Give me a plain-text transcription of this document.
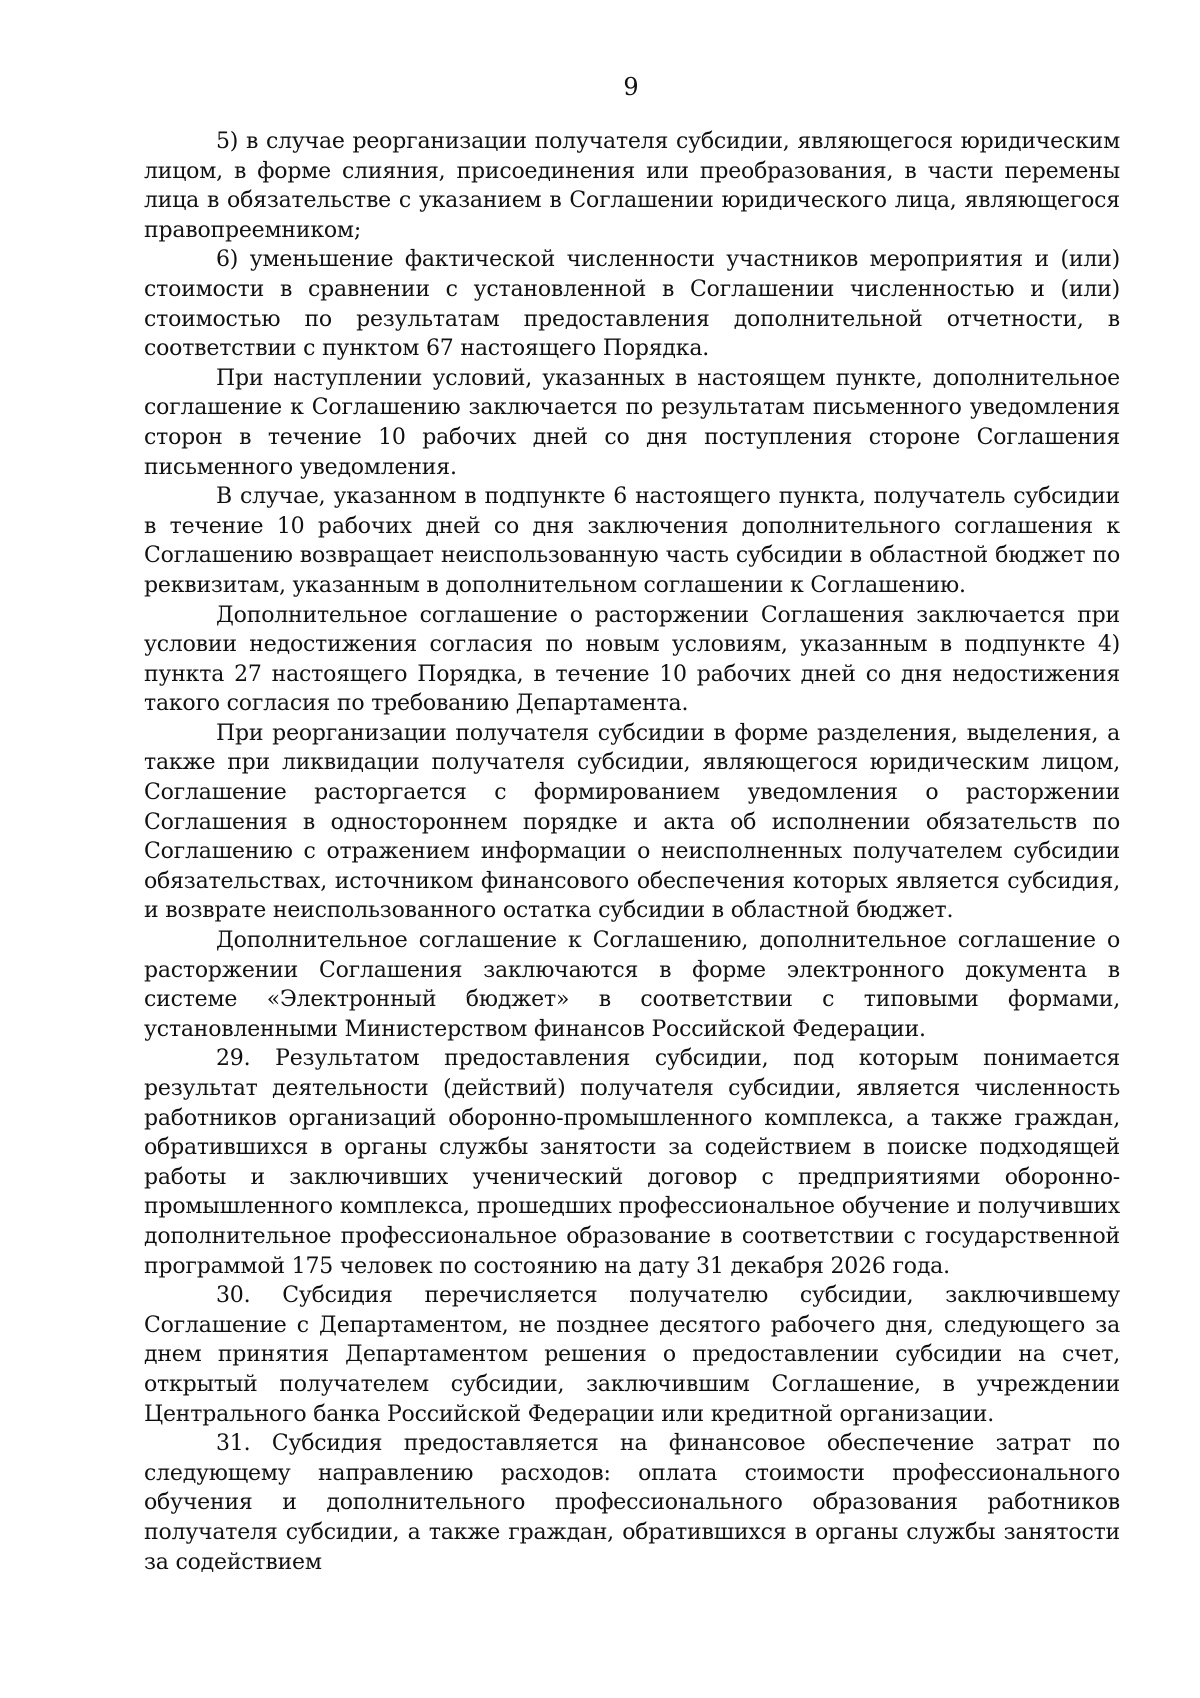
9

5) в случае реорганизации получателя субсидии, являющегося юридическим лицом, в форме слияния, присоединения или преобразования, в части перемены лица в обязательстве с указанием в Соглашении юридического лица, являющегося правопреемником;

6) уменьшение фактической численности участников мероприятия и (или) стоимости в сравнении с установленной в Соглашении численностью и (или) стоимостью по результатам предоставления дополнительной отчетности, в соответствии с пунктом 67 настоящего Порядка.

При наступлении условий, указанных в настоящем пункте, дополнительное соглашение к Соглашению заключается по результатам письменного уведомления сторон в течение 10 рабочих дней со дня поступления стороне Соглашения письменного уведомления.

В случае, указанном в подпункте 6 настоящего пункта, получатель субсидии в течение 10 рабочих дней со дня заключения дополнительного соглашения к Соглашению возвращает неиспользованную часть субсидии в областной бюджет по реквизитам, указанным в дополнительном соглашении к Соглашению.

Дополнительное соглашение о расторжении Соглашения заключается при условии недостижения согласия по новым условиям, указанным в подпункте 4) пункта 27 настоящего Порядка, в течение 10 рабочих дней со дня недостижения такого согласия по требованию Департамента.

При реорганизации получателя субсидии в форме разделения, выделения, а также при ликвидации получателя субсидии, являющегося юридическим лицом, Соглашение расторгается с формированием уведомления о расторжении Соглашения в одностороннем порядке и акта об исполнении обязательств по Соглашению с отражением информации о неисполненных получателем субсидии обязательствах, источником финансового обеспечения которых является субсидия, и возврате неиспользованного остатка субсидии в областной бюджет.

Дополнительное соглашение к Соглашению, дополнительное соглашение о расторжении Соглашения заключаются в форме электронного документа в системе «Электронный бюджет» в соответствии с типовыми формами, установленными Министерством финансов Российской Федерации.

29. Результатом предоставления субсидии, под которым понимается результат деятельности (действий) получателя субсидии, является численность работников организаций оборонно-промышленного комплекса, а также граждан, обратившихся в органы службы занятости за содействием в поиске подходящей работы и заключивших ученический договор с предприятиями оборонно-промышленного комплекса, прошедших профессиональное обучение и получивших дополнительное профессиональное образование в соответствии с государственной программой 175 человек по состоянию на дату 31 декабря 2026 года.

30. Субсидия перечисляется получателю субсидии, заключившему Соглашение с Департаментом, не позднее десятого рабочего дня, следующего за днем принятия Департаментом решения о предоставлении субсидии на счет, открытый получателем субсидии, заключившим Соглашение, в учреждении Центрального банка Российской Федерации или кредитной организации.

31. Субсидия предоставляется на финансовое обеспечение затрат по следующему направлению расходов: оплата стоимости профессионального обучения и дополнительного профессионального образования работников получателя субсидии, а также граждан, обратившихся в органы службы занятости за содействием
